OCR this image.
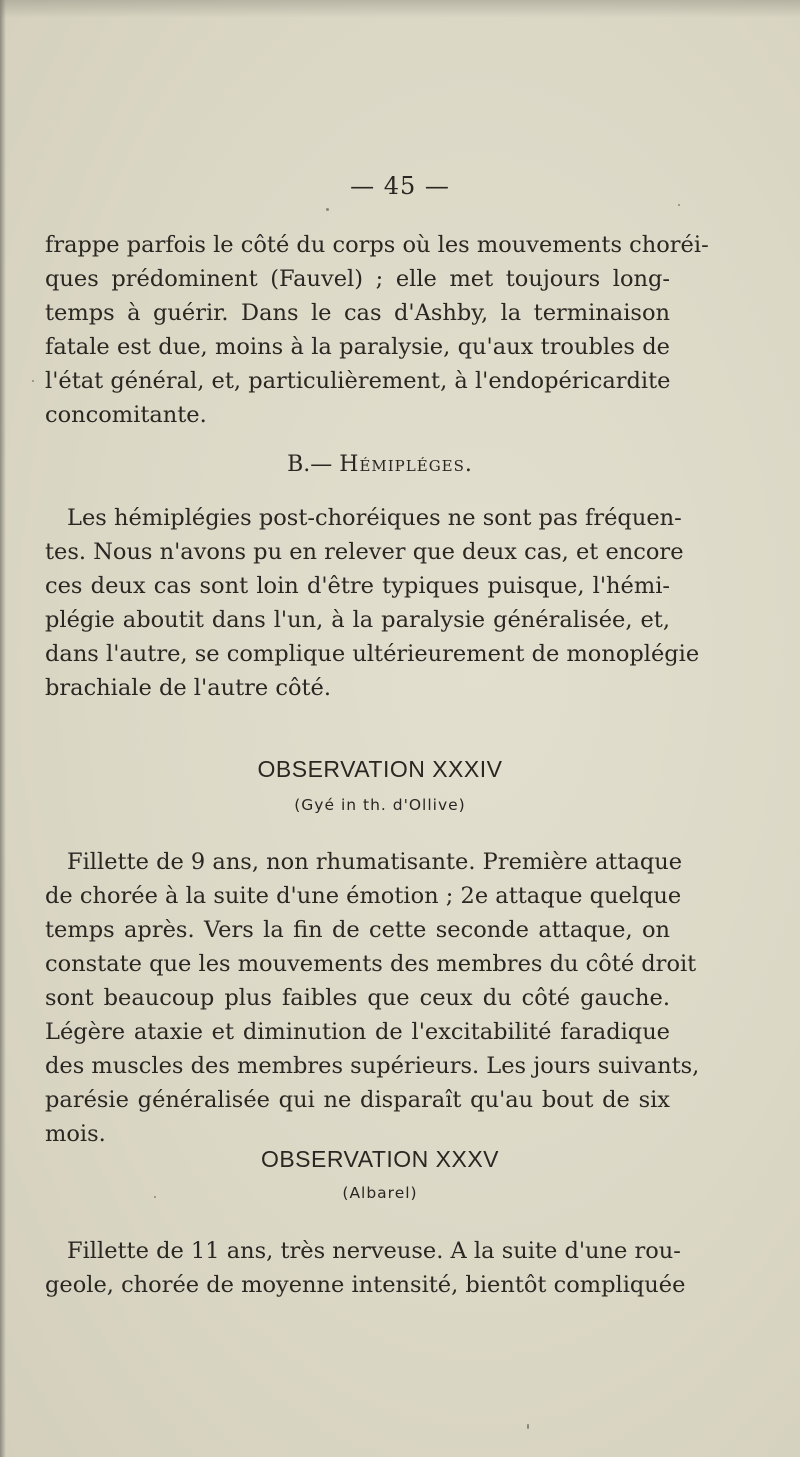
— 45 —
frappe parfois le côté du corps où les mouvements choréi-
ques prédominent (Fauvel) ; elle met toujours long-
temps à guérir. Dans le cas d'Ashby, la terminaison
fatale est due, moins à la paralysie, qu'aux troubles de
l'état général, et, particulièrement, à l'endopéricardite
concomitante.
B.— Hémipléges.
Les hémiplégies post-choréiques ne sont pas fréquen-
tes. Nous n'avons pu en relever que deux cas, et encore
ces deux cas sont loin d'être typiques puisque, l'hémi-
plégie aboutit dans l'un, à la paralysie généralisée, et,
dans l'autre, se complique ultérieurement de monoplégie
brachiale de l'autre côté.
OBSERVATION XXXIV
(Gyé in th. d'Ollive)
Fillette de 9 ans, non rhumatisante. Première attaque
de chorée à la suite d'une émotion ; 2e attaque quelque
temps après. Vers la fin de cette seconde attaque, on
constate que les mouvements des membres du côté droit
sont beaucoup plus faibles que ceux du côté gauche.
Légère ataxie et diminution de l'excitabilité faradique
des muscles des membres supérieurs. Les jours suivants,
parésie généralisée qui ne disparaît qu'au bout de six
mois.
OBSERVATION XXXV
(Albarel)
Fillette de 11 ans, très nerveuse. A la suite d'une rou-
geole, chorée de moyenne intensité, bientôt compliquée
